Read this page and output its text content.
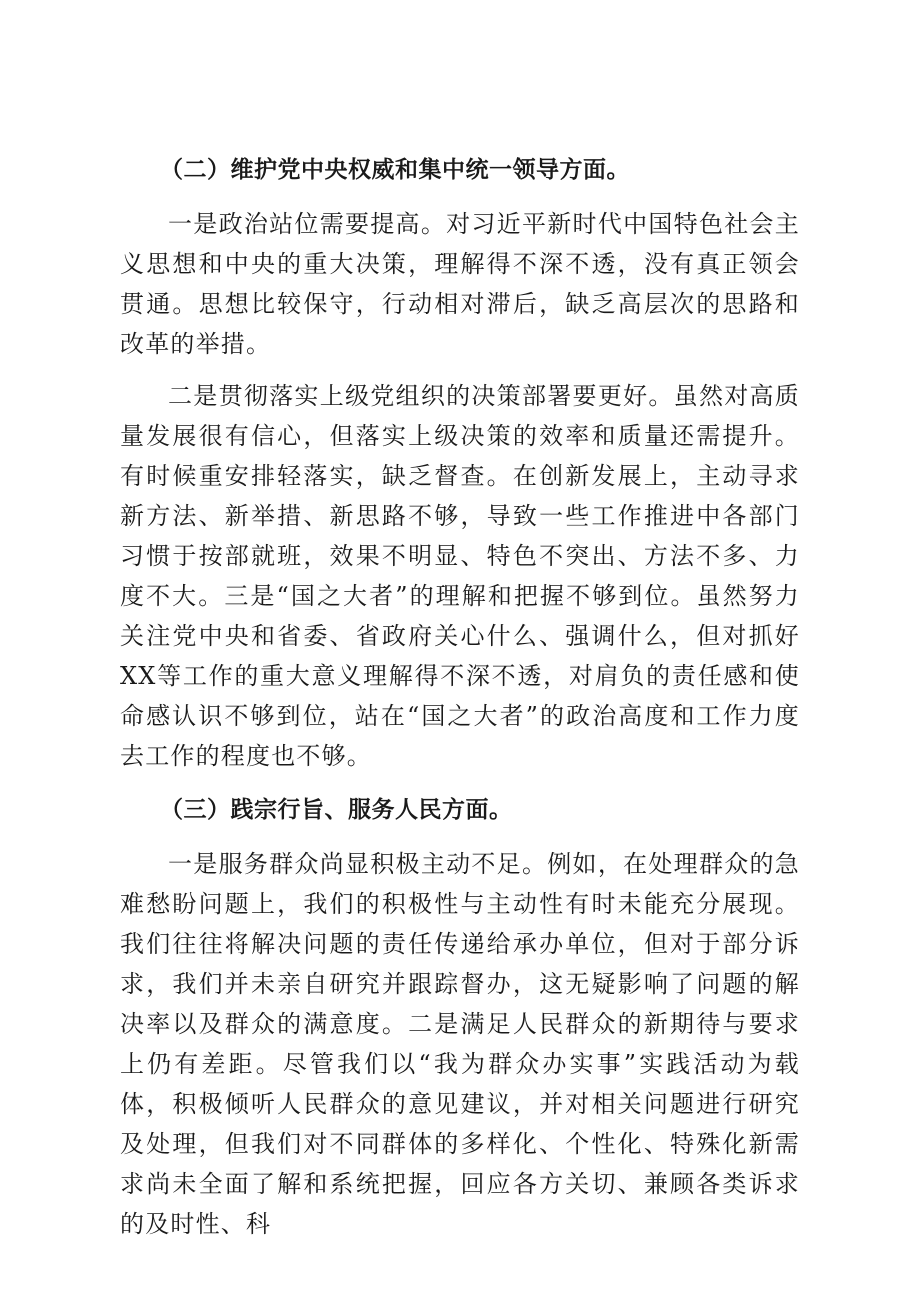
（二）维护党中央权威和集中统一领导方面。

一是政治站位需要提高。对习近平新时代中国特色社会主义思想和中央的重大决策，理解得不深不透，没有真正领会贯通。思想比较保守，行动相对滞后，缺乏高层次的思路和改革的举措。

二是贯彻落实上级党组织的决策部署要更好。虽然对高质量发展很有信心，但落实上级决策的效率和质量还需提升。有时候重安排轻落实，缺乏督查。在创新发展上，主动寻求新方法、新举措、新思路不够，导致一些工作推进中各部门习惯于按部就班，效果不明显、特色不突出、方法不多、力度不大。三是“国之大者”的理解和把握不够到位。虽然努力关注党中央和省委、省政府关心什么、强调什么，但对抓好XX等工作的重大意义理解得不深不透，对肩负的责任感和使命感认识不够到位，站在“国之大者”的政治高度和工作力度去工作的程度也不够。

（三）践宗行旨、服务人民方面。

一是服务群众尚显积极主动不足。例如，在处理群众的急难愁盼问题上，我们的积极性与主动性有时未能充分展现。我们往往将解决问题的责任传递给承办单位，但对于部分诉求，我们并未亲自研究并跟踪督办，这无疑影响了问题的解决率以及群众的满意度。二是满足人民群众的新期待与要求上仍有差距。尽管我们以“我为群众办实事”实践活动为载体，积极倾听人民群众的意见建议，并对相关问题进行研究及处理，但我们对不同群体的多样化、个性化、特殊化新需求尚未全面了解和系统把握，回应各方关切、兼顾各类诉求的及时性、科
